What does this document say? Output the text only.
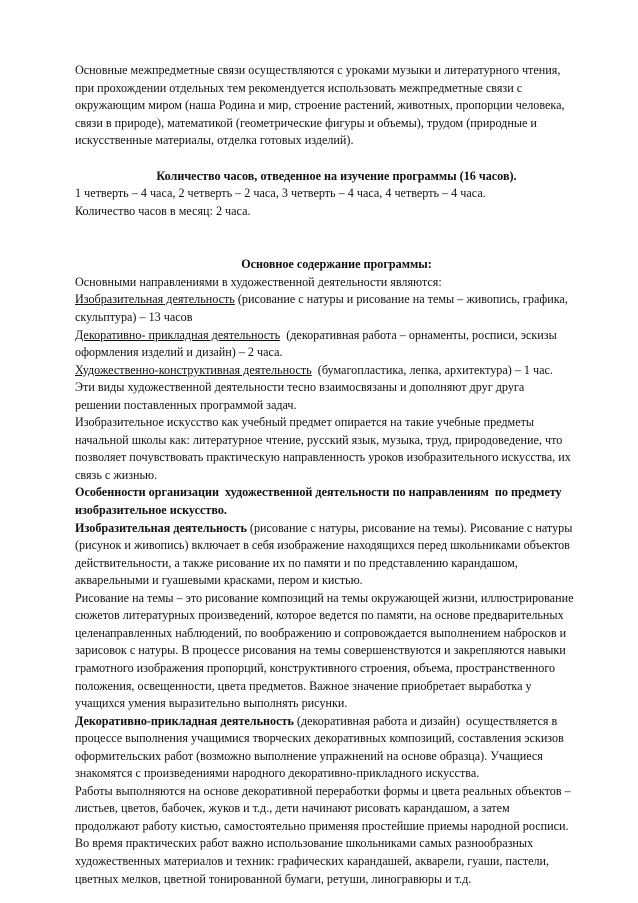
Основные межпредметные связи осуществляются с уроками музыки и литературного чтения,
при прохождении отдельных тем рекомендуется использовать межпредметные связи с
окружающим миром (наша Родина и мир, строение растений, животных, пропорции человека,
связи в природе), математикой (геометрические фигуры и объемы), трудом (природные и
искусственные материалы, отделка готовых изделий).
Количество часов, отведенное на изучение программы (16 часов).
1 четверть – 4 часа, 2 четверть – 2 часа, 3 четверть – 4 часа, 4 четверть – 4 часа.
Количество часов в месяц: 2 часа.
Основное содержание программы:
Основными направлениями в художественной деятельности являются:
Изобразительная деятельность (рисование с натуры и рисование на темы – живопись, графика,
скульптура) – 13 часов
Декоративно- прикладная деятельность  (декоративная работа – орнаменты, росписи, эскизы
оформления изделий и дизайн) – 2 часа.
Художественно-конструктивная деятельность  (бумагопластика, лепка, архитектура) – 1 час.
Эти виды художественной деятельности тесно взаимосвязаны и дополняют друг друга
решении поставленных программой задач.
Изобразительное искусство как учебный предмет опирается на такие учебные предметы
начальной школы как: литературное чтение, русский язык, музыка, труд, природоведение, что
позволяет почувствовать практическую направленность уроков изобразительного искусства, их
связь с жизнью.
Особенности организации  художественной деятельности по направлениям  по предмету
изобразительное искусство.
Изобразительная деятельность (рисование с натуры, рисование на темы). Рисование с натуры
(рисунок и живопись) включает в себя изображение находящихся перед школьниками объектов
действительности, а также рисование их по памяти и по представлению карандашом,
акварельными и гуашевыми красками, пером и кистью.
Рисование на темы – это рисование композиций на темы окружающей жизни, иллюстрирование
сюжетов литературных произведений, которое ведется по памяти, на основе предварительных
целенаправленных наблюдений, по воображению и сопровождается выполнением набросков и
зарисовок с натуры. В процессе рисования на темы совершенствуются и закрепляются навыки
грамотного изображения пропорций, конструктивного строения, объема, пространственного
положения, освещенности, цвета предметов. Важное значение приобретает выработка у
учащихся умения выразительно выполнять рисунки.
Декоративно-прикладная деятельность (декоративная работа и дизайн)  осуществляется в
процессе выполнения учащимися творческих декоративных композиций, составления эскизов
оформительских работ (возможно выполнение упражнений на основе образца). Учащиеся
знакомятся с произведениями народного декоративно-прикладного искусства.
Работы выполняются на основе декоративной переработки формы и цвета реальных объектов –
листьев, цветов, бабочек, жуков и т.д., дети начинают рисовать карандашом, а затем
продолжают работу кистью, самостоятельно применяя простейшие приемы народной росписи.
Во время практических работ важно использование школьниками самых разнообразных
художественных материалов и техник: графических карандашей, акварели, гуаши, пастели,
цветных мелков, цветной тонированной бумаги, ретуши, линогравюры и т.д.
